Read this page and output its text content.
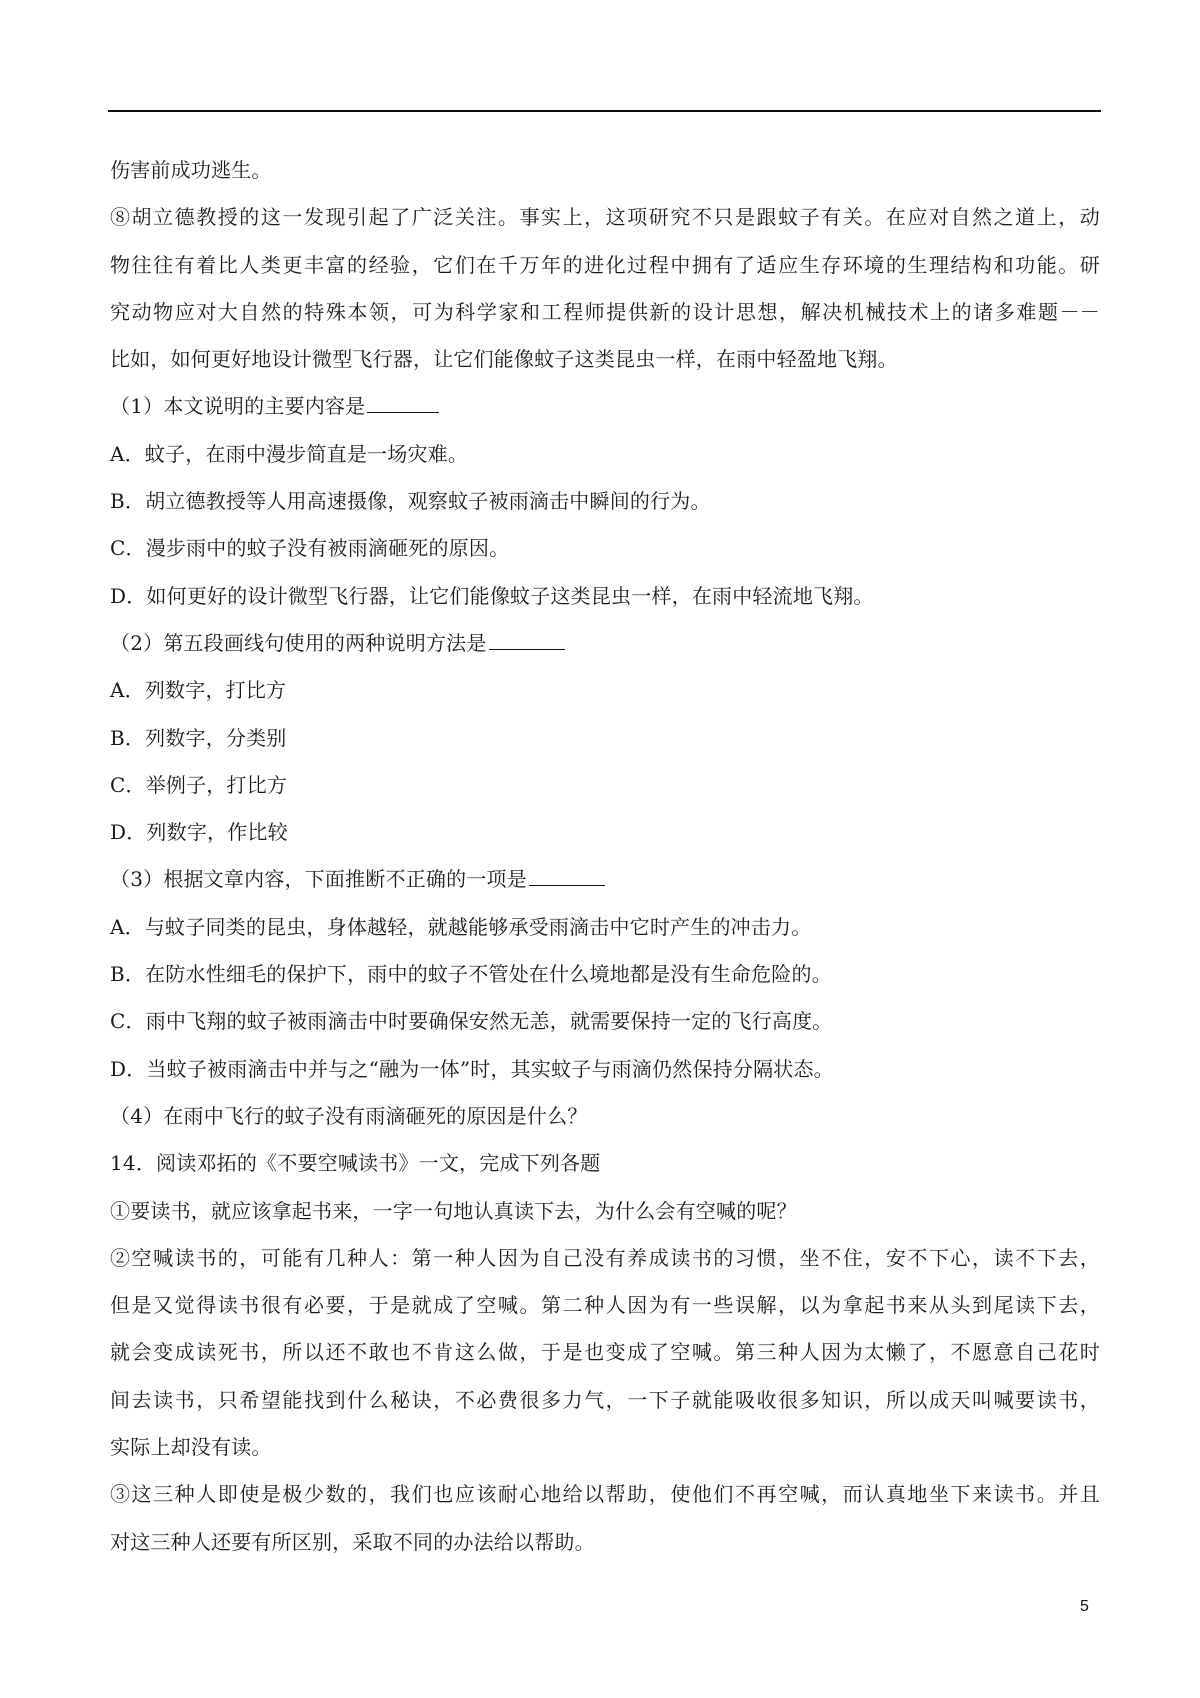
伤害前成功逃生。
⑧胡立德教授的这一发现引起了广泛关注。事实上，这项研究不只是跟蚊子有关。在应对自然之道上，动
物往往有着比人类更丰富的经验，它们在千万年的进化过程中拥有了适应生存环境的生理结构和功能。研
究动物应对大自然的特殊本领，可为科学家和工程师提供新的设计思想，解决机械技术上的诸多难题－－
比如，如何更好地设计微型飞行器，让它们能像蚊子这类昆虫一样，在雨中轻盈地飞翔。
（1）本文说明的主要内容是
A．蚊子，在雨中漫步简直是一场灾难。
B．胡立德教授等人用高速摄像，观察蚊子被雨滴击中瞬间的行为。
C．漫步雨中的蚊子没有被雨滴砸死的原因。
D．如何更好的设计微型飞行器，让它们能像蚊子这类昆虫一样，在雨中轻流地飞翔。
（2）第五段画线句使用的两种说明方法是
A．列数字，打比方
B．列数字，分类别
C．举例子，打比方
D．列数字，作比较
（3）根据文章内容，下面推断不正确的一项是
A．与蚊子同类的昆虫，身体越轻，就越能够承受雨滴击中它时产生的冲击力。
B．在防水性细毛的保护下，雨中的蚊子不管处在什么境地都是没有生命危险的。
C．雨中飞翔的蚊子被雨滴击中时要确保安然无恙，就需要保持一定的飞行高度。
D．当蚊子被雨滴击中并与之“融为一体”时，其实蚊子与雨滴仍然保持分隔状态。
（4）在雨中飞行的蚊子没有雨滴砸死的原因是什么？
14．阅读邓拓的《不要空喊读书》一文，完成下列各题
①要读书，就应该拿起书来，一字一句地认真读下去，为什么会有空喊的呢？
②空喊读书的，可能有几种人：第一种人因为自己没有养成读书的习惯，坐不住，安不下心，读不下去，
但是又觉得读书很有必要，于是就成了空喊。第二种人因为有一些误解，以为拿起书来从头到尾读下去，
就会变成读死书，所以还不敢也不肯这么做，于是也变成了空喊。第三种人因为太懒了，不愿意自己花时
间去读书，只希望能找到什么秘诀，不必费很多力气，一下子就能吸收很多知识，所以成天叫喊要读书，
实际上却没有读。
③这三种人即使是极少数的，我们也应该耐心地给以帮助，使他们不再空喊，而认真地坐下来读书。并且
对这三种人还要有所区别，采取不同的办法给以帮助。
5
